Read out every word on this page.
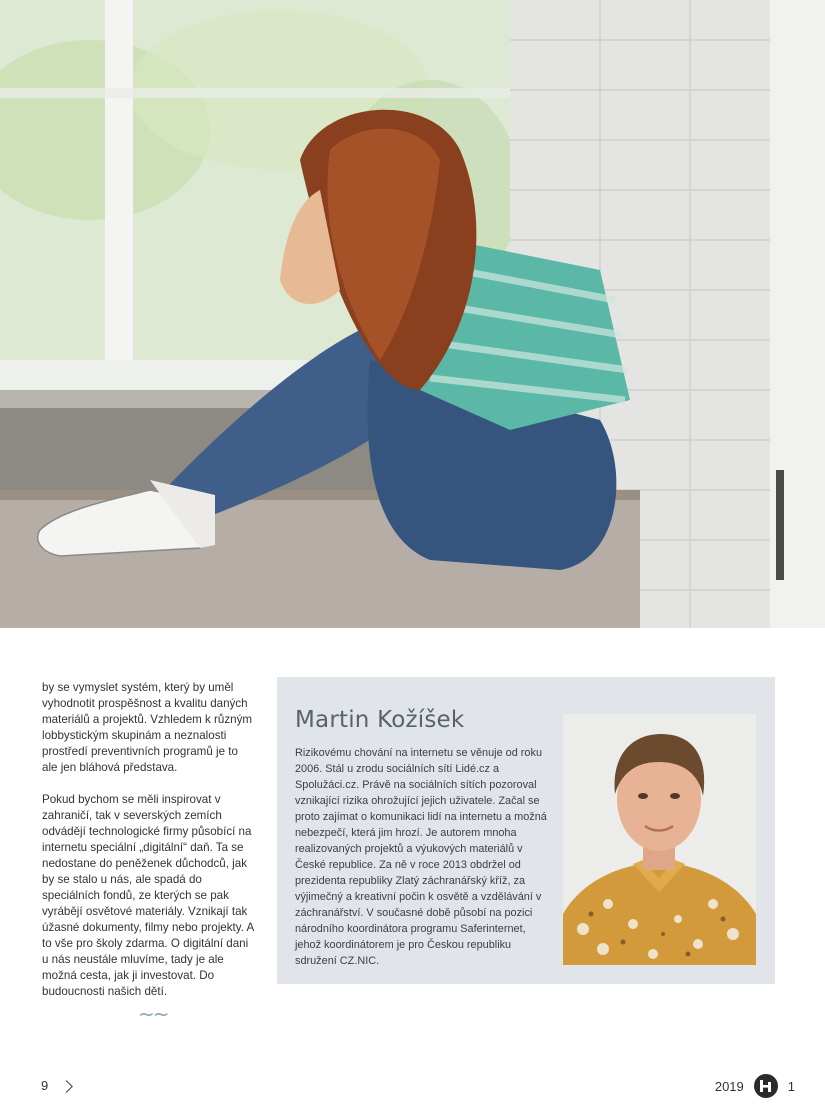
by se vymyslet systém, který by uměl vyhodnotit prospěšnost a kvalitu daných materiálů a projektů. Vzhledem k různým lobbystickým skupinám a neznalosti prostředí preventivních programů je to ale jen bláhová představa.

Pokud bychom se měli inspirovat v zahraničí, tak v severských zemích odvádějí technologické firmy působící na internetu speciální „digitální“ daň. Ta se nedostane do peněženek důchodců, jak by se stalo u nás, ale spadá do speciálních fondů, ze kterých se pak vyrábějí osvětové materiály. Vznikají tak úžasné dokumenty, filmy nebo projekty. A to vše pro školy zdarma. O digitální dani u nás neustále mluvíme, tady je ale možná cesta, jak ji investovat. Do budoucnosti našich dětí.

~~
Martin Kožíšek

Rizikovému chování na internetu se věnuje od roku 2006. Stál u zrodu sociálních sítí Lidé.cz a Spolužáci.cz. Právě na sociálních sítích pozoroval vznikající rizika ohrožující jejich uživatele. Začal se proto zajímat o komunikaci lidí na internetu a možná nebezpečí, která jim hrozí. Je autorem mnoha realizovaných projektů a výukových materiálů v České republice. Za ně v roce 2013 obdržel od prezidenta republiky Zlatý záchranářský kříž, za výjimečný a kreativní počin k osvětě a vzdělávání v záchranářství. V současné době působí na pozici národního koordinátora programu Saferinternet, jehož koordinátorem je pro Českou republiku sdružení CZ.NIC.

9	2019	1
